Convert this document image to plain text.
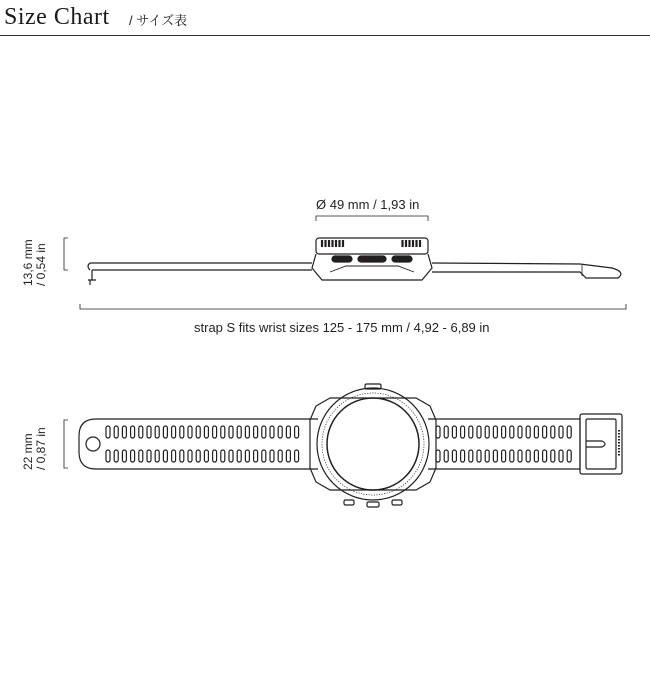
Size Chart / サイズ表
Ø 49 mm / 1,93 in
13,6 mm / 0,54 in
strap S fits wrist sizes 125 - 175 mm / 4,92 - 6,89 in
22 mm / 0,87 in
